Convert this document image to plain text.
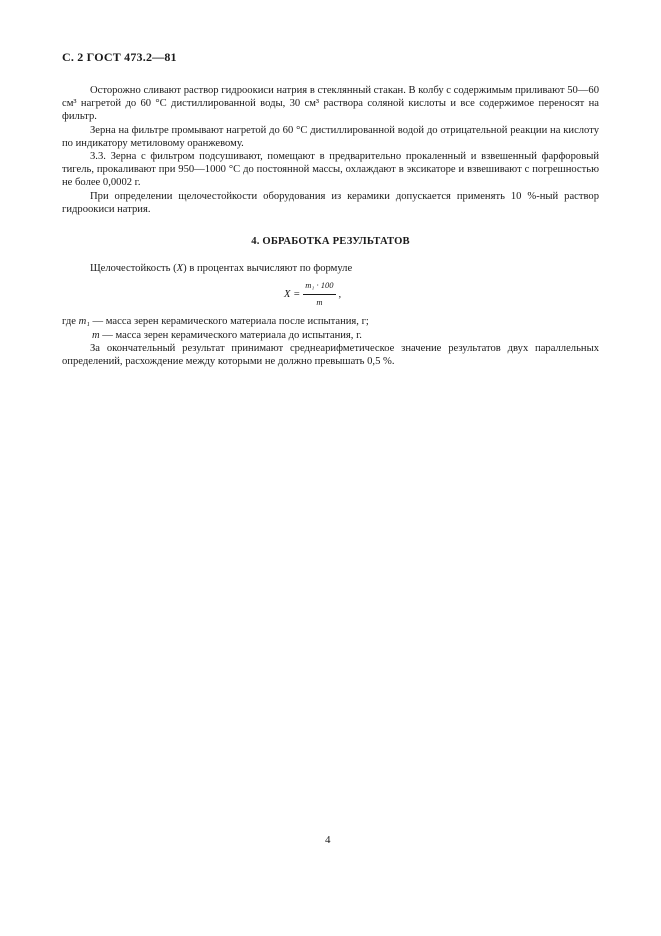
С. 2 ГОСТ 473.2—81

Осторожно сливают раствор гидроокиси натрия в стеклянный стакан. В колбу с содержимым приливают 50—60 см³ нагретой до 60 °С дистиллированной воды, 30 см³ раствора соляной кислоты и все содержимое переносят на фильтр.

Зерна на фильтре промывают нагретой до 60 °С дистиллированной водой до отрицательной реакции на кислоту по индикатору метиловому оранжевому.

3.3. Зерна с фильтром подсушивают, помещают в предварительно прокаленный и взвешенный фарфоровый тигель, прокаливают при 950—1000 °С до постоянной массы, охлаждают в эксикаторе и взвешивают с погрешностью не более 0,0002 г.

При определении щелочестойкости оборудования из керамики допускается применять 10 %-ный раствор гидроокиси натрия.

4. ОБРАБОТКА РЕЗУЛЬТАТОВ

Щелочестойкость (X) в процентах вычисляют по формуле

$X = \frac{\text{m₁ · 100}}{m}$ ,

где m₁ — масса зерен керамического материала после испытания, г;

m — масса зерен керамического материала до испытания, г.

За окончательный результат принимают среднеарифметическое значение результатов двух параллельных определений, расхождение между которыми не должно превышать 0,5 %.

4
